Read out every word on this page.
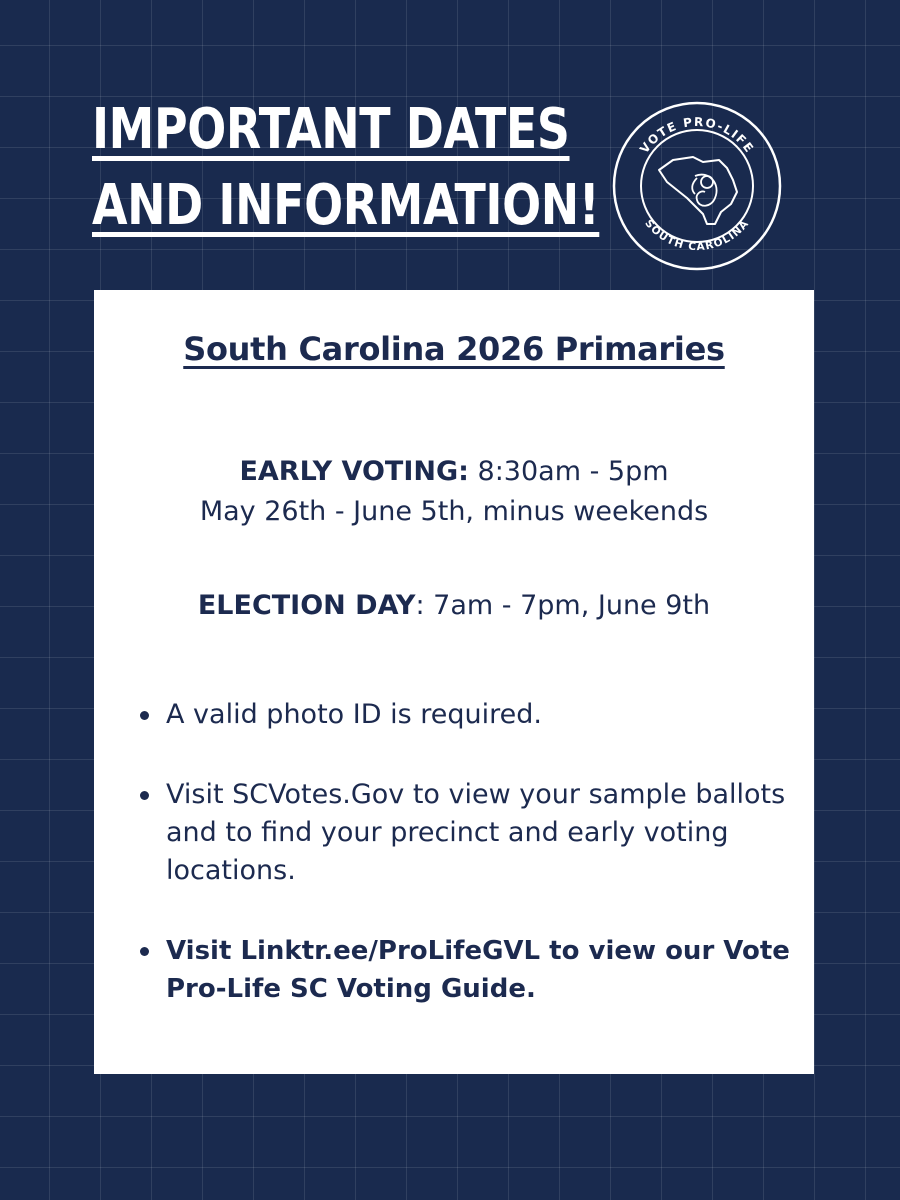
IMPORTANT DATES
AND INFORMATION!
VOTE PRO-LIFE
SOUTH CAROLINA
South Carolina 2026 Primaries

EARLY VOTING: 8:30am - 5pm
May 26th - June 5th, minus weekends

ELECTION DAY: 7am - 7pm, June 9th

A valid photo ID is required.
Visit SCVotes.Gov to view your sample ballots and to find your precinct and early voting locations.
Visit Linktr.ee/ProLifeGVL to view our Vote Pro-Life SC Voting Guide.
